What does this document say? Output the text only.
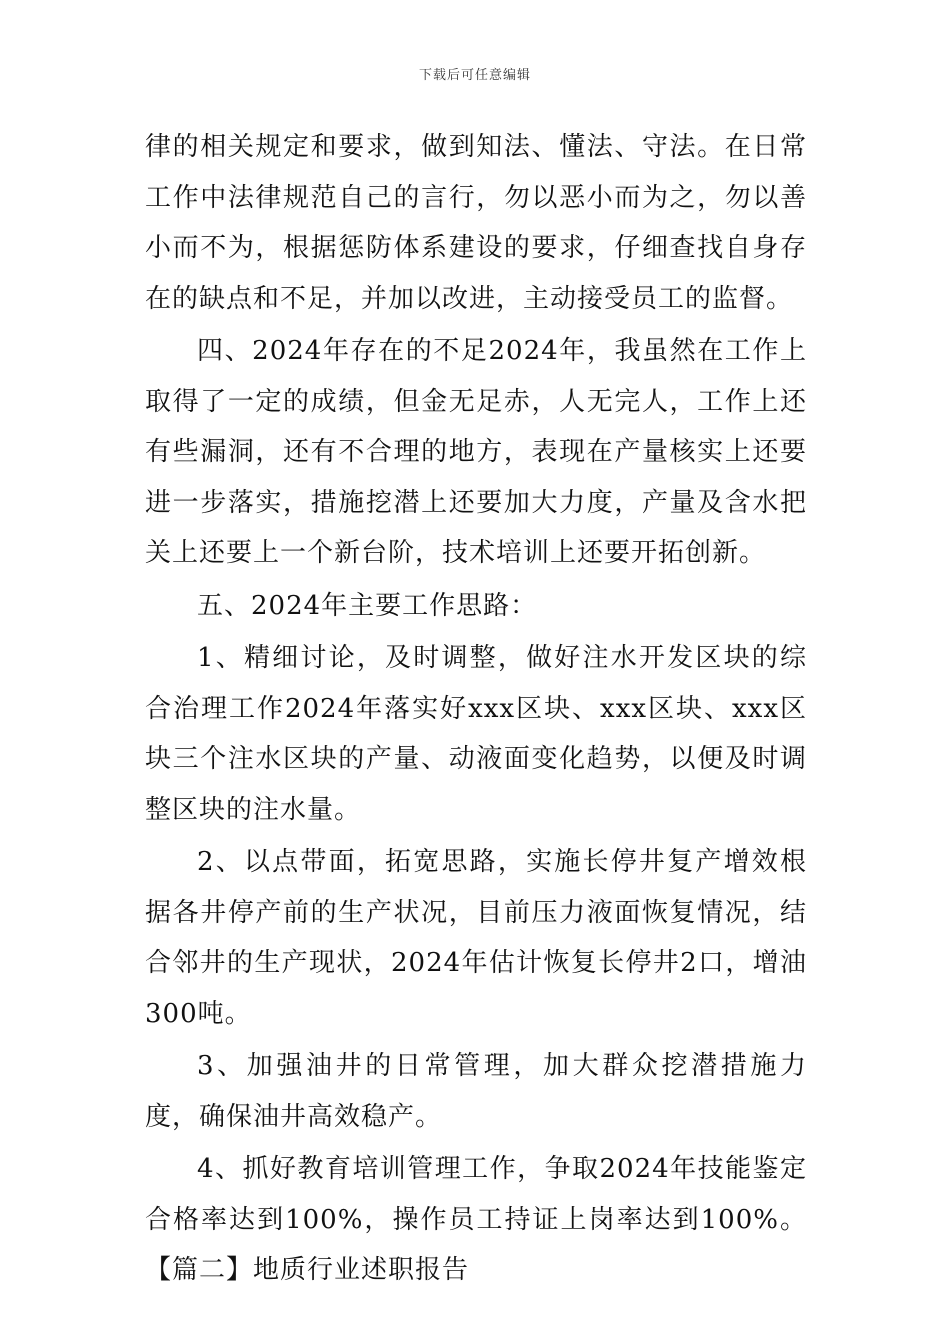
下载后可任意编辑

律的相关规定和要求，做到知法、懂法、守法。在日常工作中法律规范自己的言行，勿以恶小而为之，勿以善小而不为，根据惩防体系建设的要求，仔细查找自身存在的缺点和不足，并加以改进，主动接受员工的监督。

四、2024年存在的不足2024年，我虽然在工作上取得了一定的成绩，但金无足赤，人无完人，工作上还有些漏洞，还有不合理的地方，表现在产量核实上还要进一步落实，措施挖潜上还要加大力度，产量及含水把关上还要上一个新台阶，技术培训上还要开拓创新。

五、2024年主要工作思路：

1、精细讨论，及时调整，做好注水开发区块的综合治理工作2024年落实好xxx区块、xxx区块、xxx区块三个注水区块的产量、动液面变化趋势，以便及时调整区块的注水量。

2、以点带面，拓宽思路，实施长停井复产增效根据各井停产前的生产状况，目前压力液面恢复情况，结合邻井的生产现状，2024年估计恢复长停井2口，增油300吨。

3、加强油井的日常管理，加大群众挖潜措施力度，确保油井高效稳产。

4、抓好教育培训管理工作，争取2024年技能鉴定合格率达到100%，操作员工持证上岗率达到100%。【篇二】地质行业述职报告
